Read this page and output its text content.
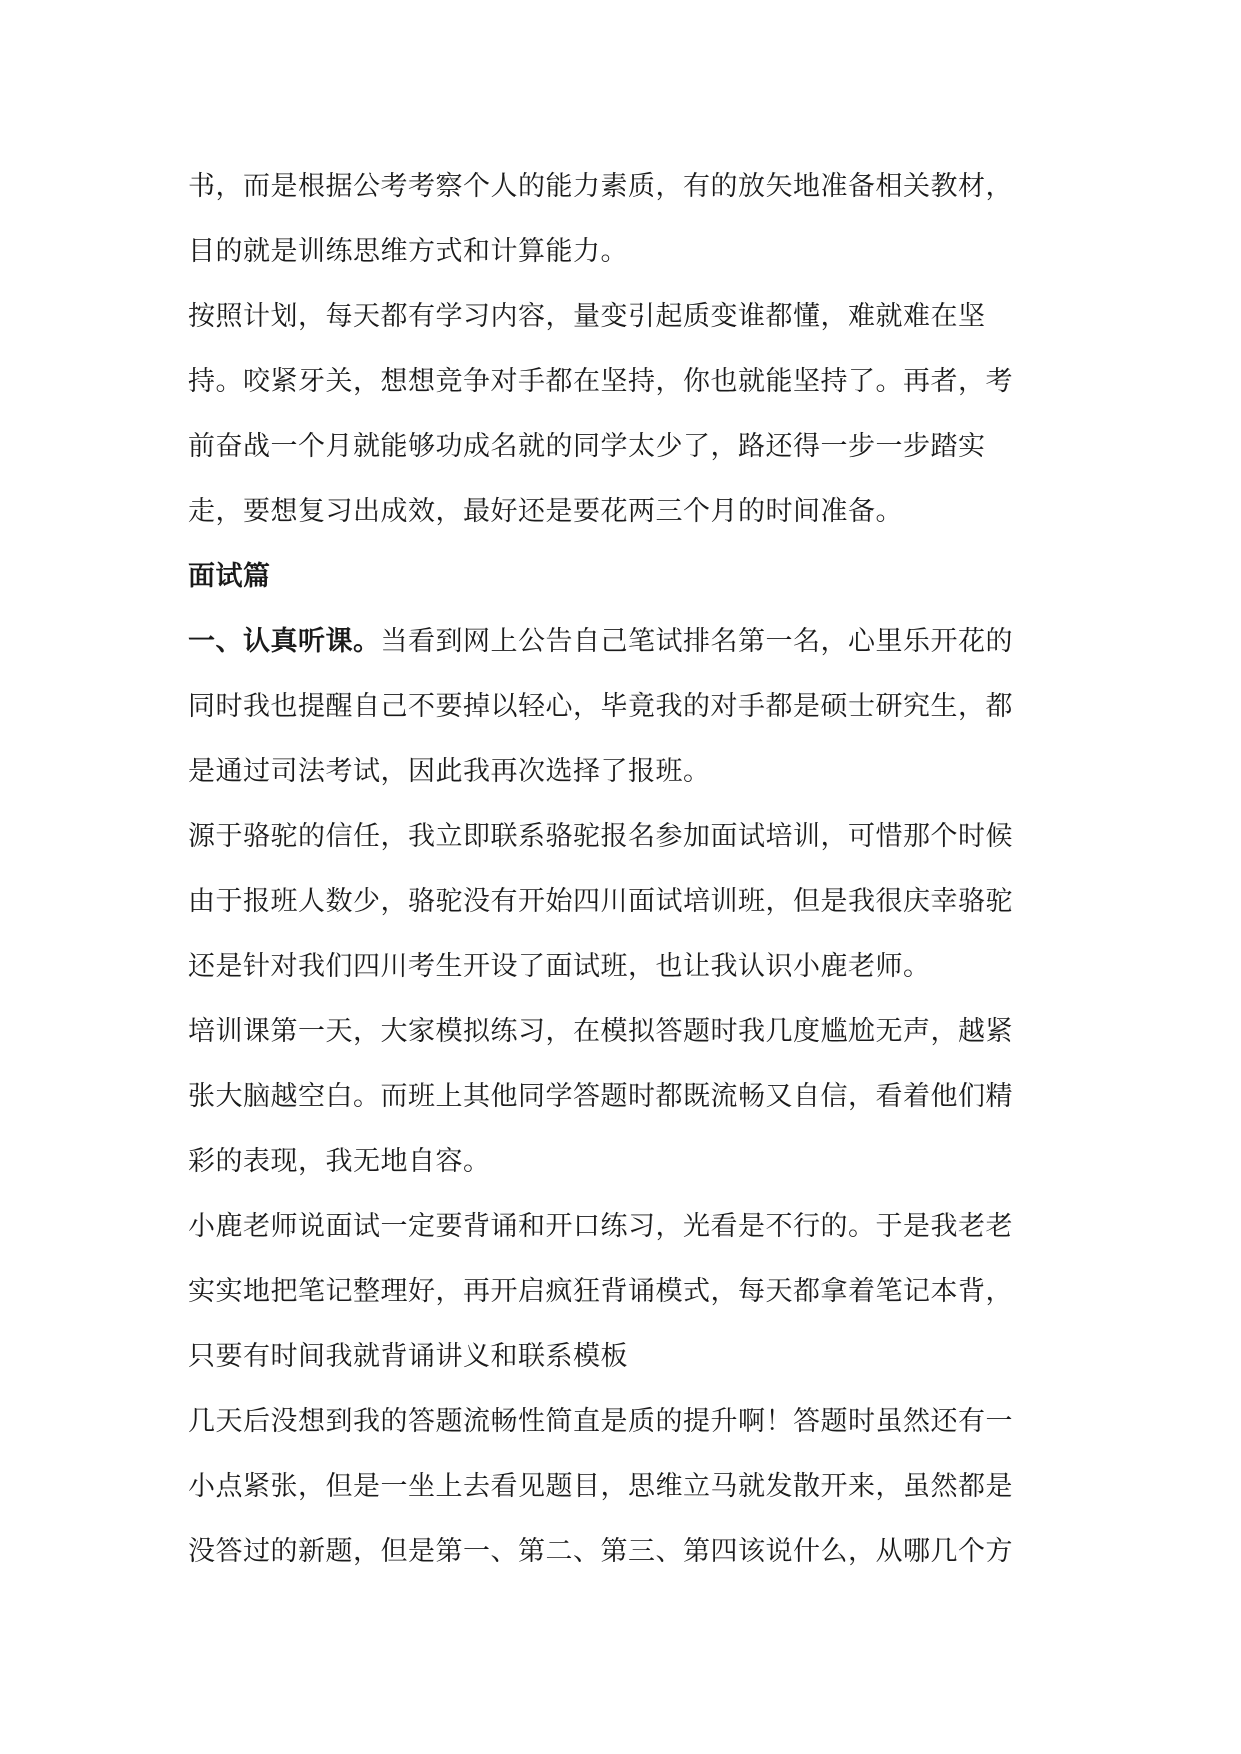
书，而是根据公考考察个人的能力素质，有的放矢地准备相关教材，

目的就是训练思维方式和计算能力。

按照计划，每天都有学习内容，量变引起质变谁都懂，难就难在坚

持。咬紧牙关，想想竞争对手都在坚持，你也就能坚持了。再者，考

前奋战一个月就能够功成名就的同学太少了，路还得一步一步踏实

走，要想复习出成效，最好还是要花两三个月的时间准备。

面试篇

一、认真听课。当看到网上公告自己笔试排名第一名，心里乐开花的

同时我也提醒自己不要掉以轻心，毕竟我的对手都是硕士研究生，都

是通过司法考试，因此我再次选择了报班。

源于骆驼的信任，我立即联系骆驼报名参加面试培训，可惜那个时候

由于报班人数少，骆驼没有开始四川面试培训班，但是我很庆幸骆驼

还是针对我们四川考生开设了面试班，也让我认识小鹿老师。

培训课第一天，大家模拟练习，在模拟答题时我几度尴尬无声，越紧

张大脑越空白。而班上其他同学答题时都既流畅又自信，看着他们精

彩的表现，我无地自容。

小鹿老师说面试一定要背诵和开口练习，光看是不行的。于是我老老

实实地把笔记整理好，再开启疯狂背诵模式，每天都拿着笔记本背，

只要有时间我就背诵讲义和联系模板

几天后没想到我的答题流畅性简直是质的提升啊！答题时虽然还有一

小点紧张，但是一坐上去看见题目，思维立马就发散开来，虽然都是

没答过的新题，但是第一、第二、第三、第四该说什么，从哪几个方
